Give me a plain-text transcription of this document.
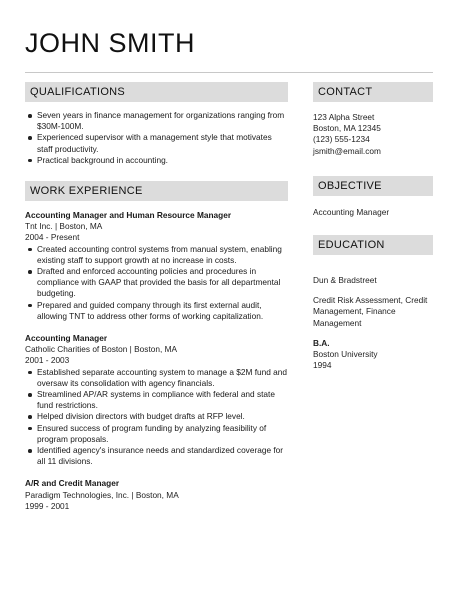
JOHN SMITH
QUALIFICATIONS
Seven years in finance management for organizations ranging from $30M-100M.
Experienced supervisor with a management style that motivates staff productivity.
Practical background in accounting.
WORK EXPERIENCE
Accounting Manager and Human Resource Manager
Tnt Inc. | Boston, MA
2004 - Present
Created accounting control systems from manual system, enabling existing staff to support growth at no increase in costs.
Drafted and enforced accounting policies and procedures in compliance with GAAP that provided the basis for all departmental budgeting.
Prepared and guided company through its first external audit, allowing TNT to address other forms of working capitalization.
Accounting Manager
Catholic Charities of Boston | Boston, MA
2001 - 2003
Established separate accounting system to manage a $2M fund and oversaw its consolidation with agency financials.
Streamlined AP/AR systems in compliance with federal and state fund restrictions.
Helped division directors with budget drafts at RFP level.
Ensured success of program funding by analyzing feasibility of program proposals.
Identified agency's insurance needs and standardized coverage for all 11 divisions.
A/R and Credit Manager
Paradigm Technologies, Inc. | Boston, MA
1999 - 2001
CONTACT
123 Alpha Street
Boston, MA 12345
(123) 555-1234
jsmith@email.com
OBJECTIVE
Accounting Manager
EDUCATION
Dun & Bradstreet
Credit Risk Assessment, Credit Management, Finance Management
B.A.
Boston University
1994
